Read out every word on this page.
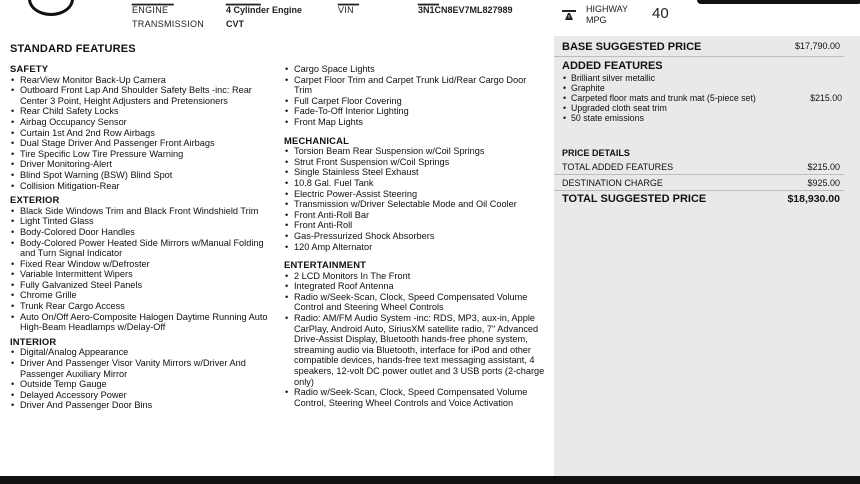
▁▁▁▁▁▁	▁▁▁▁▁	▁▁▁	▁▁▁
ENGINE	4 Cylinder Engine
TRANSMISSION CVT
VIN	3N1CN8EV7ML827989	HIGHWAY
MPG	40
STANDARD FEATURES
SAFETY
• RearView Monitor Back-Up Camera
• Outboard Front Lap And Shoulder Safety Belts -inc: Rear Center 3 Point, Height Adjusters and Pretensioners
• Rear Child Safety Locks
• Airbag Occupancy Sensor
• Curtain 1st And 2nd Row Airbags
• Dual Stage Driver And Passenger Front Airbags
• Tire Specific Low Tire Pressure Warning
• Driver Monitoring-Alert
• Blind Spot Warning (BSW) Blind Spot
• Collision Mitigation-Rear
EXTERIOR
• Black Side Windows Trim and Black Front Windshield Trim
• Light Tinted Glass
• Body-Colored Door Handles
• Body-Colored Power Heated Side Mirrors w/Manual Folding and Turn Signal Indicator
• Fixed Rear Window w/Defroster
• Variable Intermittent Wipers
• Fully Galvanized Steel Panels
• Chrome Grille
• Trunk Rear Cargo Access
• Auto On/Off Aero-Composite Halogen Daytime Running Auto High-Beam Headlamps w/Delay-Off
INTERIOR
• Digital/Analog Appearance
• Driver And Passenger Visor Vanity Mirrors w/Driver And Passenger Auxiliary Mirror
• Outside Temp Gauge
• Delayed Accessory Power
• Driver And Passenger Door Bins
• Cargo Space Lights
• Carpet Floor Trim and Carpet Trunk Lid/Rear Cargo Door Trim
• Full Carpet Floor Covering
• Fade-To-Off Interior Lighting
• Front Map Lights
MECHANICAL
• Torsion Beam Rear Suspension w/Coil Springs
• Strut Front Suspension w/Coil Springs
• Single Stainless Steel Exhaust
• 10.8 Gal. Fuel Tank
• Electric Power-Assist Steering
• Transmission w/Driver Selectable Mode and Oil Cooler
• Front Anti-Roll Bar
• Front Anti-Roll
• Gas-Pressurized Shock Absorbers
• 120 Amp Alternator
ENTERTAINMENT
• 2 LCD Monitors In The Front
• Integrated Roof Antenna
• Radio w/Seek-Scan, Clock, Speed Compensated Volume Control and Steering Wheel Controls
• Radio: AM/FM Audio System -inc: RDS, MP3, aux-in, Apple CarPlay, Android Auto, SiriusXM satellite radio, 7" Advanced Drive-Assist Display, Bluetooth hands-free phone system, streaming audio via Bluetooth, interface for iPod and other compatible devices, hands-free text messaging assistant, 4 speakers, 12-volt DC power outlet and 3 USB ports (2-charge only)
• Radio w/Seek-Scan, Clock, Speed Compensated Volume Control, Steering Wheel Controls and Voice Activation
BASE SUGGESTED PRICE	$17,790.00
ADDED FEATURES
• Brilliant silver metallic
• Graphite
• Carpeted floor mats and trunk mat (5-piece set)	$215.00
• Upgraded cloth seat trim
• 50 state emissions
PRICE DETAILS
TOTAL ADDED FEATURES	$215.00
DESTINATION CHARGE	$925.00
TOTAL SUGGESTED PRICE	$18,930.00
